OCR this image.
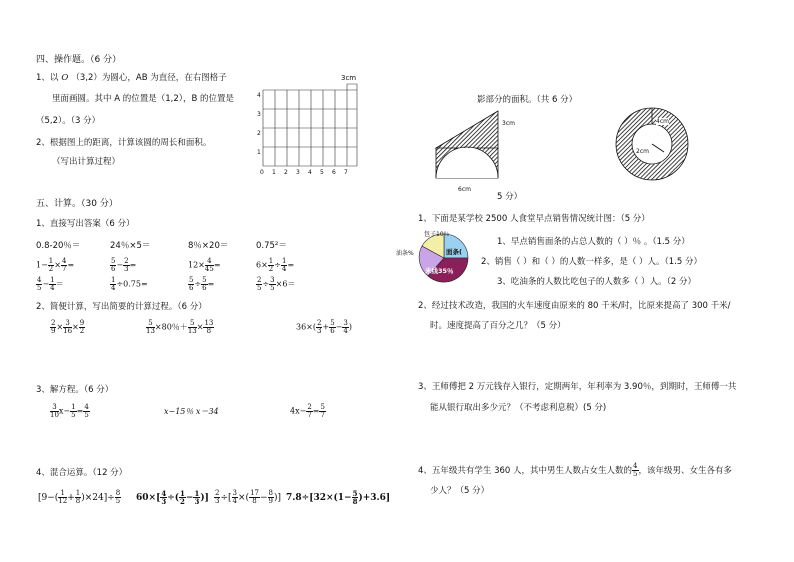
四、操作题。（6 分）
1、以 O （3,2）为圆心，AB 为直径，在右图格子
里面画圆。其中 A 的位置是（1,2），B 的位置是
（5,2）。（3 分）
2、根据图上的距离，计算该圆的周长和面积。
（写出计算过程）
3cm
4
3
2
1
0 1 2 3 4 5 6 7
五、计算。（30 分）
1、直接写出答案（6 分）
0.8-20％＝	24％×5＝	8％×20＝	0.75²＝
$1- \frac{1}{2} \times \frac{4}{7}$ =	$\frac{5}{6} - \frac{2}{3}$ =	$12\times \frac{4}{45}$ =	$6\times \frac{1}{2} \div \frac{1}{4}$ =
$\frac{4}{5} - \frac{1}{4}$ ＝	$\frac{1}{4} \div 0.75=$	$\frac{5}{6} \div \frac{5}{6}$ =	$\frac{2}{5} \div \frac{3}{5} \times 6=$
2、简便计算，写出简要的计算过程。（6 分）
$\frac{2}{9} \times \frac{3}{16} \times \frac{9}{2}$	$\frac{5}{13} \times 80$％＋ $\frac{5}{13} \times \frac{13}{8}$	$36\times( \frac{2}{3} + \frac{5}{6} - \frac{3}{4}$ )
3、解方程。（6 分）
$\frac{3}{10} x- \frac{1}{5} = \frac{4}{5}$	x−15％ x＝34	$4x- \frac{2}{7} = \frac{5}{7}$
4、混合运算。（12 分）
$[9-( \frac{1}{12} + \frac{1}{8} )\times 24]\div \frac{8}{5} 60\times[ \frac{4}{3}$ ÷( $\frac{1}{2} - \frac{1}{3}$ )] $\frac{2}{3}$ ÷[ $\frac{3}{4}$ ×( $\frac{17}{8} - \frac{8}{9}$ )] $7.8\div[32\times(1- \frac{5}{8} )+3.6]$
影部分的面积。（共 6 分）
3cm
6cm
5 分）
4cm
2cm
1、下面是某学校 2500 人食堂早点销售情况统计图：（5 分）
包子10％
油条%	面条(
米线35％
1、早点销售面条的占总人数的（ ）％ 。（1.5 分）
2、销售（ ）和（ ）的人数一样多，是（ ）人。（1.5 分）
3、吃油条的人数比吃包子的人数多（ ）人。（2 分）
2、经过技术改造，我国的火车速度由原来的 80 千米/时，比原来提高了 300 千米/
时。速度提高了百分之几？（5 分）
3、王师傅把 2 万元钱存入银行，定期两年，年利率为 3.90％，到期时，王师傅一共
能从银行取出多少元？（不考虑利息税）(5 分)
4、五年级共有学生 360 人，其中男生人数占女生人数的 $\frac{4}{5}$ ，该年级男、女生各有多
少人？（5 分）
